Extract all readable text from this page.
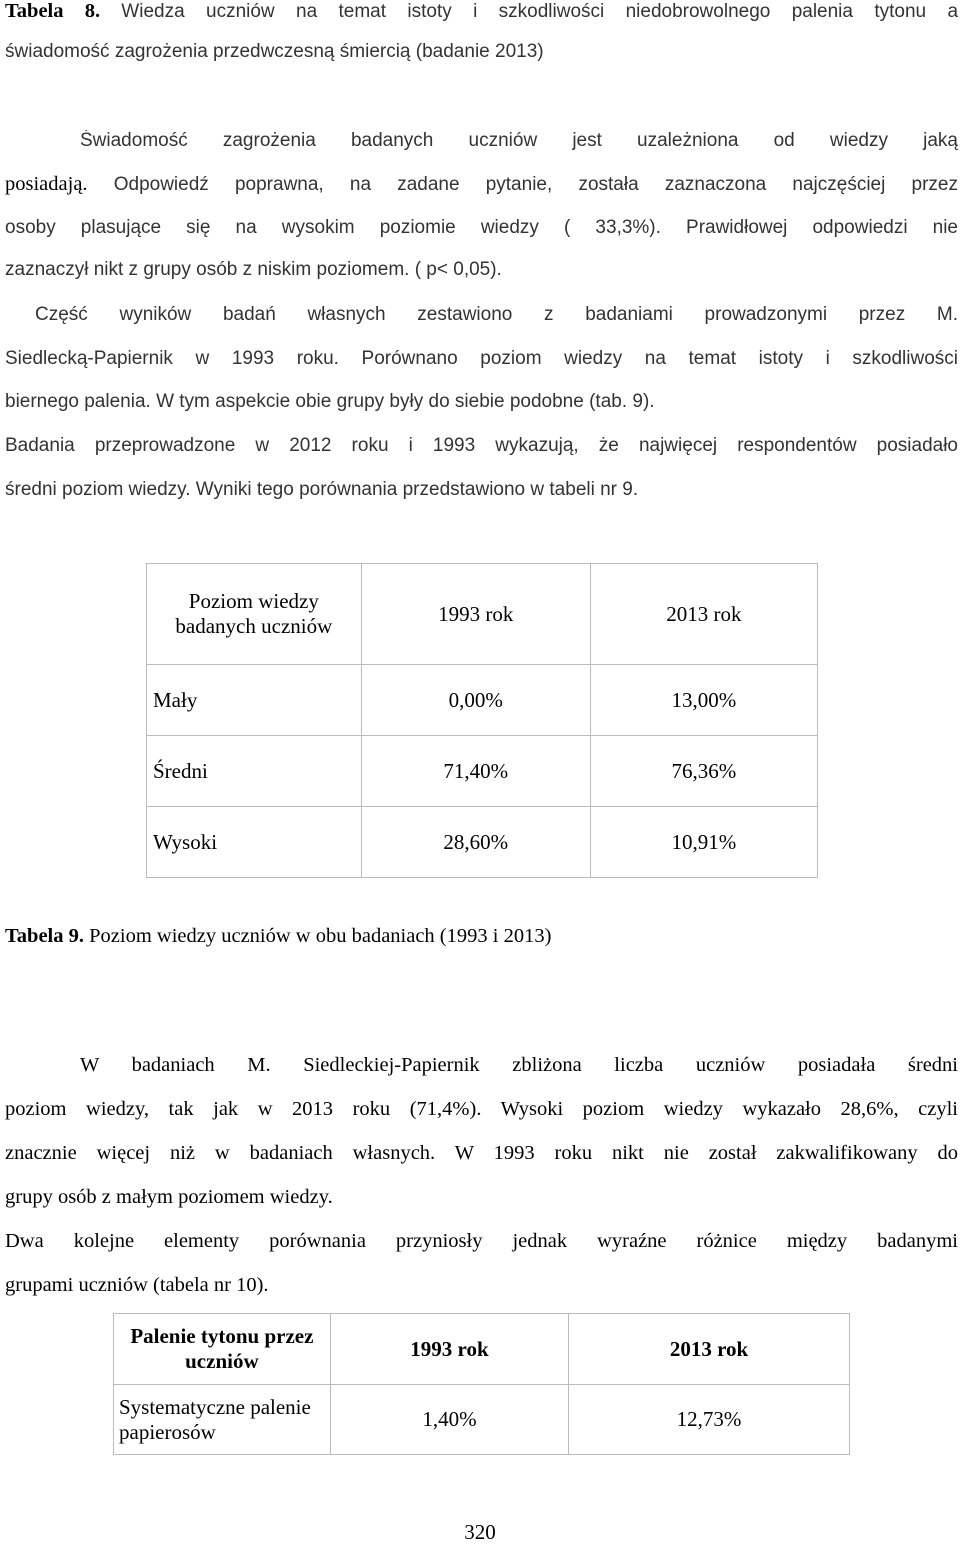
Tabela 8. Wiedza uczniów na temat istoty i szkodliwości niedobrowolnego palenia tytonu a
świadomość zagrożenia przedwczesną śmiercią (badanie 2013)
Świadomość zagrożenia badanych uczniów jest uzależniona od wiedzy jaką
posiadają. Odpowiedź poprawna, na zadane pytanie, została zaznaczona najczęściej przez
osoby plasujące się na wysokim poziomie wiedzy ( 33,3%). Prawidłowej odpowiedzi nie
zaznaczył nikt z grupy osób z niskim poziomem. ( p< 0,05).
Część wyników badań własnych zestawiono z badaniami prowadzonymi przez M.
Siedlecką-Papiernik w 1993 roku. Porównano poziom wiedzy na temat istoty i szkodliwości
biernego palenia. W tym aspekcie obie grupy były do siebie podobne (tab. 9).
Badania przeprowadzone w 2012 roku i 1993 wykazują, że najwięcej respondentów posiadało
średni poziom wiedzy. Wyniki tego porównania przedstawiono w tabeli nr 9.
Poziom wiedzy badanych uczniów	1993 rok	2013 rok
Mały	0,00%	13,00%
Średni	71,40%	76,36%
Wysoki	28,60%	10,91%
Tabela 9. Poziom wiedzy uczniów w obu badaniach (1993 i 2013)
W badaniach M. Siedleckiej-Papiernik zbliżona liczba uczniów posiadała średni
poziom wiedzy, tak jak w 2013 roku (71,4%). Wysoki poziom wiedzy wykazało 28,6%, czyli
znacznie więcej niż w badaniach własnych. W 1993 roku nikt nie został zakwalifikowany do
grupy osób z małym poziomem wiedzy.
Dwa kolejne elementy porównania przyniosły jednak wyraźne różnice między badanymi
grupami uczniów (tabela nr 10).
Palenie tytonu przez uczniów	1993 rok	2013 rok
Systematyczne palenie papierosów	1,40%	12,73%
320
